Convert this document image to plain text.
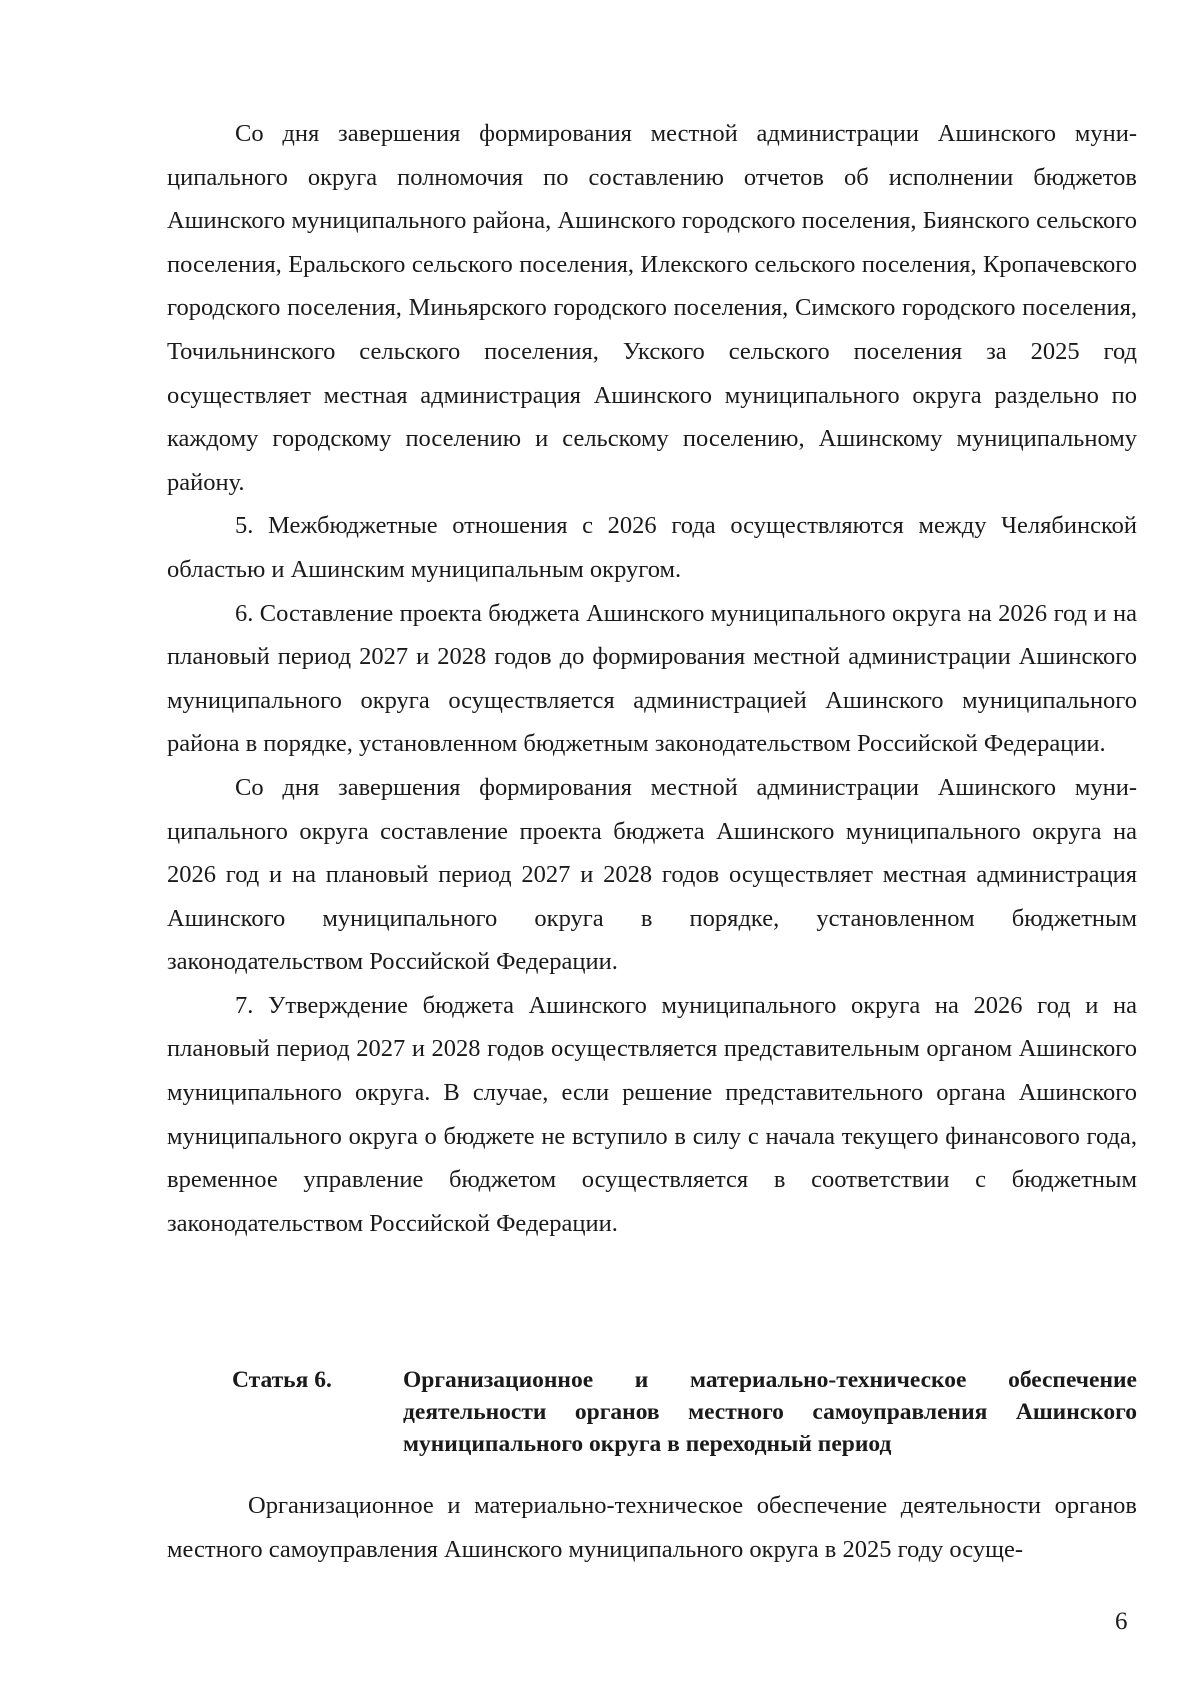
Со дня завершения формирования местной администрации Ашинского муниципального округа полномочия по составлению отчетов об исполнении бюджетов Ашинского муниципального района, Ашинского городского поселения, Биянского сельского поселения, Еральского сельского поселения, Илекского сельского поселения, Кропачевского городского поселения, Миньярского городского поселения, Симского городского поселения, Точильнинского сельского поселения, Укского сельского поселения за 2025 год осуществляет местная администрация Ашинского муниципального округа раздельно по каждому городскому поселению и сельскому поселению, Ашинскому муниципальному району.

5. Межбюджетные отношения с 2026 года осуществляются между Челябинской областью и Ашинским муниципальным округом.

6. Составление проекта бюджета Ашинского муниципального округа на 2026 год и на плановый период 2027 и 2028 годов до формирования местной администрации Ашинского муниципального округа осуществляется администрацией Ашинского муниципального района в порядке, установленном бюджетным законодательством Российской Федерации.

Со дня завершения формирования местной администрации Ашинского муниципального округа составление проекта бюджета Ашинского муниципального округа на 2026 год и на плановый период 2027 и 2028 годов осуществляет местная администрация Ашинского муниципального округа в порядке, установленном бюджетным законодательством Российской Федерации.

7. Утверждение бюджета Ашинского муниципального округа на 2026 год и на плановый период 2027 и 2028 годов осуществляется представительным органом Ашинского муниципального округа. В случае, если решение представительного органа Ашинского муниципального округа о бюджете не вступило в силу с начала текущего финансового года, временное управление бюджетом осуществляется в соответствии с бюджетным законодательством Российской Федерации.

Статья 6.	Организационное и материально-техническое обеспечение деятельности органов местного самоуправления Ашинского муниципального округа в переходный период

Организационное и материально-техническое обеспечение деятельности органов местного самоуправления Ашинского муниципального округа в 2025 году осуще-

6
